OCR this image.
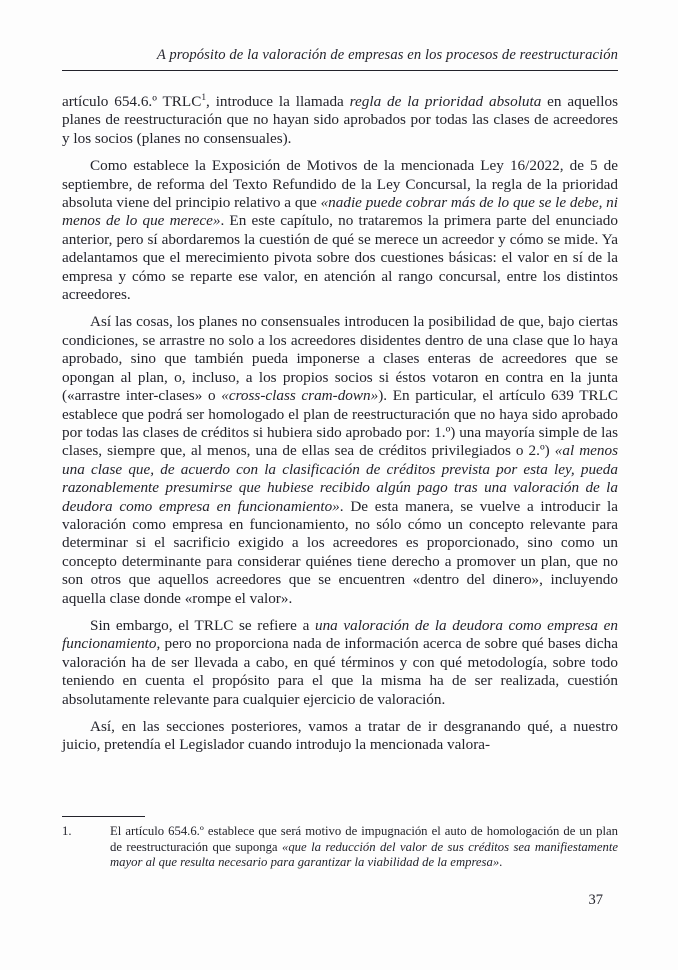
A propósito de la valoración de empresas en los procesos de reestructuración

artículo 654.6.º TRLC$^1$, introduce la llamada regla de la prioridad absoluta en aquellos planes de reestructuración que no hayan sido aprobados por todas las clases de acreedores y los socios (planes no consensuales).

Como establece la Exposición de Motivos de la mencionada Ley 16/2022, de 5 de septiembre, de reforma del Texto Refundido de la Ley Concursal, la regla de la prioridad absoluta viene del principio relativo a que «nadie puede cobrar más de lo que se le debe, ni menos de lo que merece». En este capítulo, no trataremos la primera parte del enunciado anterior, pero sí abordaremos la cuestión de qué se merece un acreedor y cómo se mide. Ya adelantamos que el merecimiento pivota sobre dos cuestiones básicas: el valor en sí de la empresa y cómo se reparte ese valor, en atención al rango concursal, entre los distintos acreedores.

Así las cosas, los planes no consensuales introducen la posibilidad de que, bajo ciertas condiciones, se arrastre no solo a los acreedores disidentes dentro de una clase que lo haya aprobado, sino que también pueda imponerse a clases enteras de acreedores que se opongan al plan, o, incluso, a los propios socios si éstos votaron en contra en la junta («arrastre inter-clases» o «cross-class cram-down»). En particular, el artículo 639 TRLC establece que podrá ser homologado el plan de reestructuración que no haya sido aprobado por todas las clases de créditos si hubiera sido aprobado por: 1.º) una mayoría simple de las clases, siempre que, al menos, una de ellas sea de créditos privilegiados o 2.º) «al menos una clase que, de acuerdo con la clasificación de créditos prevista por esta ley, pueda razonablemente presumirse que hubiese recibido algún pago tras una valoración de la deudora como empresa en funcionamiento». De esta manera, se vuelve a introducir la valoración como empresa en funcionamiento, no sólo cómo un concepto relevante para determinar si el sacrificio exigido a los acreedores es proporcionado, sino como un concepto determinante para considerar quiénes tiene derecho a promover un plan, que no son otros que aquellos acreedores que se encuentren «dentro del dinero», incluyendo aquella clase donde «rompe el valor».

Sin embargo, el TRLC se refiere a una valoración de la deudora como empresa en funcionamiento, pero no proporciona nada de información acerca de sobre qué bases dicha valoración ha de ser llevada a cabo, en qué términos y con qué metodología, sobre todo teniendo en cuenta el propósito para el que la misma ha de ser realizada, cuestión absolutamente relevante para cualquier ejercicio de valoración.

Así, en las secciones posteriores, vamos a tratar de ir desgranando qué, a nuestro juicio, pretendía el Legislador cuando introdujo la mencionada valora-

1.	El artículo 654.6.º establece que será motivo de impugnación el auto de homologación de un plan de reestructuración que suponga «que la reducción del valor de sus créditos sea manifiestamente mayor al que resulta necesario para garantizar la viabilidad de la empresa».
37
